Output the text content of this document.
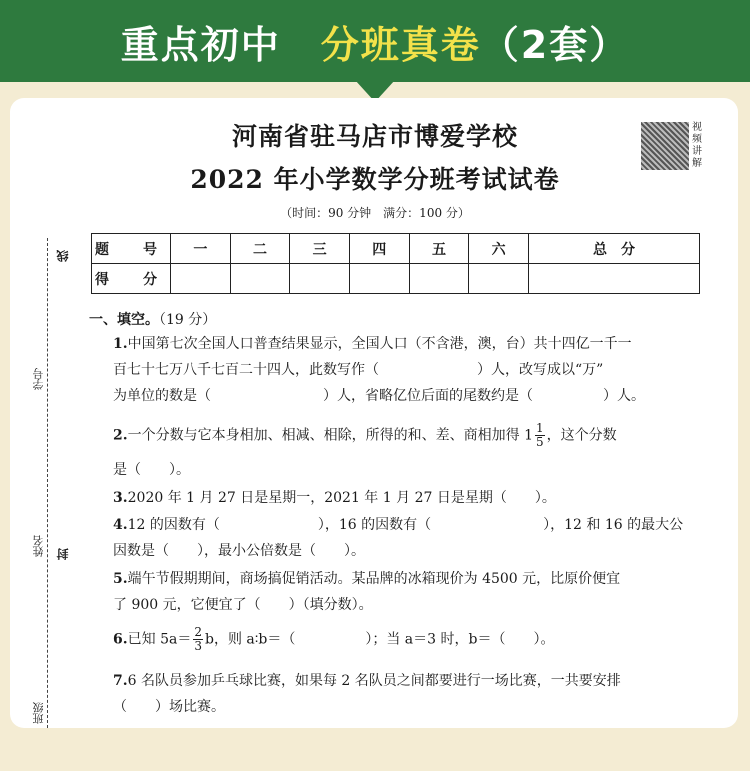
重点初中　 分班真卷（2套）
线
学号
姓名 封
班级
河南省驻马店市博爱学校
2022 年小学数学分班考试试卷
（时间：90 分钟　满分：100 分）
视频讲解
题　号	一	二	三	四	五	六	总　分
得　分							
一、填空。（19 分）
1.中国第七次全国人口普查结果显示，全国人口（不含港，澳，台）共十四亿一千一
百七十七万八千七百二十四人，此数写作（　　　　　　　）人，改写成以“万”
为单位的数是（　　　　　　　　）人，省略亿位后面的尾数约是（　　　　　）人。
2.一个分数与它本身相加、相减、相除，所得的和、差、商相加得 $1 \frac{1}{5}$ ，这个分数
是（　　）。
3.2020 年 1 月 27 日是星期一，2021 年 1 月 27 日是星期（　　）。
4.12 的因数有（　　　　　　　），16 的因数有（　　　　　　　　），12 和 16 的最大公
因数是（　　），最小公倍数是（　　）。
5.端午节假期期间，商场搞促销活动。某品牌的冰箱现价为 4500 元，比原价便宜
了 900 元，它便宜了（　　）（填分数）。
6.已知 $5a= \frac{2}{3}$ b，则 a∶b＝（　　　　　）；当 a＝3 时，b＝（　　）。
7.6 名队员参加乒乓球比赛，如果每 2 名队员之间都要进行一场比赛，一共要安排
（　　）场比赛。
